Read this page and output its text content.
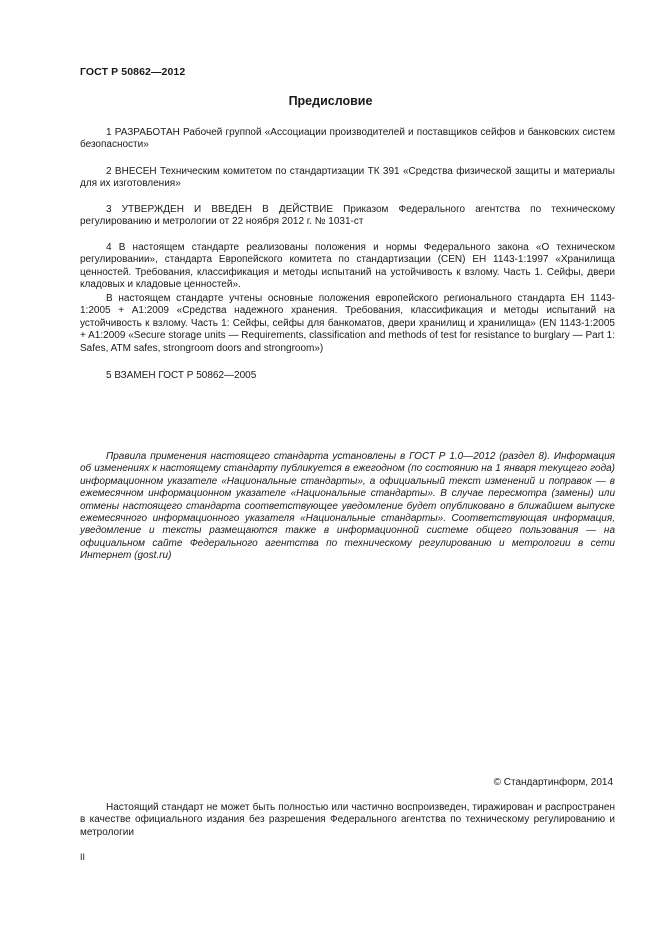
ГОСТ Р 50862—2012
Предисловие

1 РАЗРАБОТАН Рабочей группой «Ассоциации производителей и поставщиков сейфов и банковских систем безопасности»

2 ВНЕСЕН Техническим комитетом по стандартизации ТК 391 «Средства физической защиты и материалы для их изготовления»

3 УТВЕРЖДЕН И ВВЕДЕН В ДЕЙСТВИЕ Приказом Федерального агентства по техническому регулированию и метрологии от 22 ноября 2012 г. № 1031-ст

4 В настоящем стандарте реализованы положения и нормы Федерального закона «О техническом регулировании», стандарта Европейского комитета по стандартизации (CEN) ЕН 1143-1:1997 «Хранилища ценностей. Требования, классификация и методы испытаний на устойчивость к взлому. Часть 1. Сейфы, двери кладовых и кладовые ценностей».

В настоящем стандарте учтены основные положения европейского регионального стандарта ЕН 1143-1:2005 + A1:2009 «Средства надежного хранения. Требования, классификация и методы испытаний на устойчивость к взлому. Часть 1: Сейфы, сейфы для банкоматов, двери хранилищ и хранилища» (EN 1143-1:2005 + A1:2009 «Secure storage units — Requirements, classification and methods of test for resistance to burglary — Part 1: Safes, ATM safes, strongroom doors and strongroom»)

5 ВЗАМЕН ГОСТ Р 50862—2005

Правила применения настоящего стандарта установлены в ГОСТ Р 1.0—2012 (раздел 8). Информация об изменениях к настоящему стандарту публикуется в ежегодном (по состоянию на 1 января текущего года) информационном указателе «Национальные стандарты», а официальный текст изменений и поправок — в ежемесячном информационном указателе «Национальные стандарты». В случае пересмотра (замены) или отмены настоящего стандарта соответствующее уведомление будет опубликовано в ближайшем выпуске ежемесячного информационного указателя «Национальные стандарты». Соответствующая информация, уведомление и тексты размещаются также в информационной системе общего пользования — на официальном сайте Федерального агентства по техническому регулированию и метрологии в сети Интернет (gost.ru)

© Стандартинформ, 2014

Настоящий стандарт не может быть полностью или частично воспроизведен, тиражирован и распространен в качестве официального издания без разрешения Федерального агентства по техническому регулированию и метрологии

II
